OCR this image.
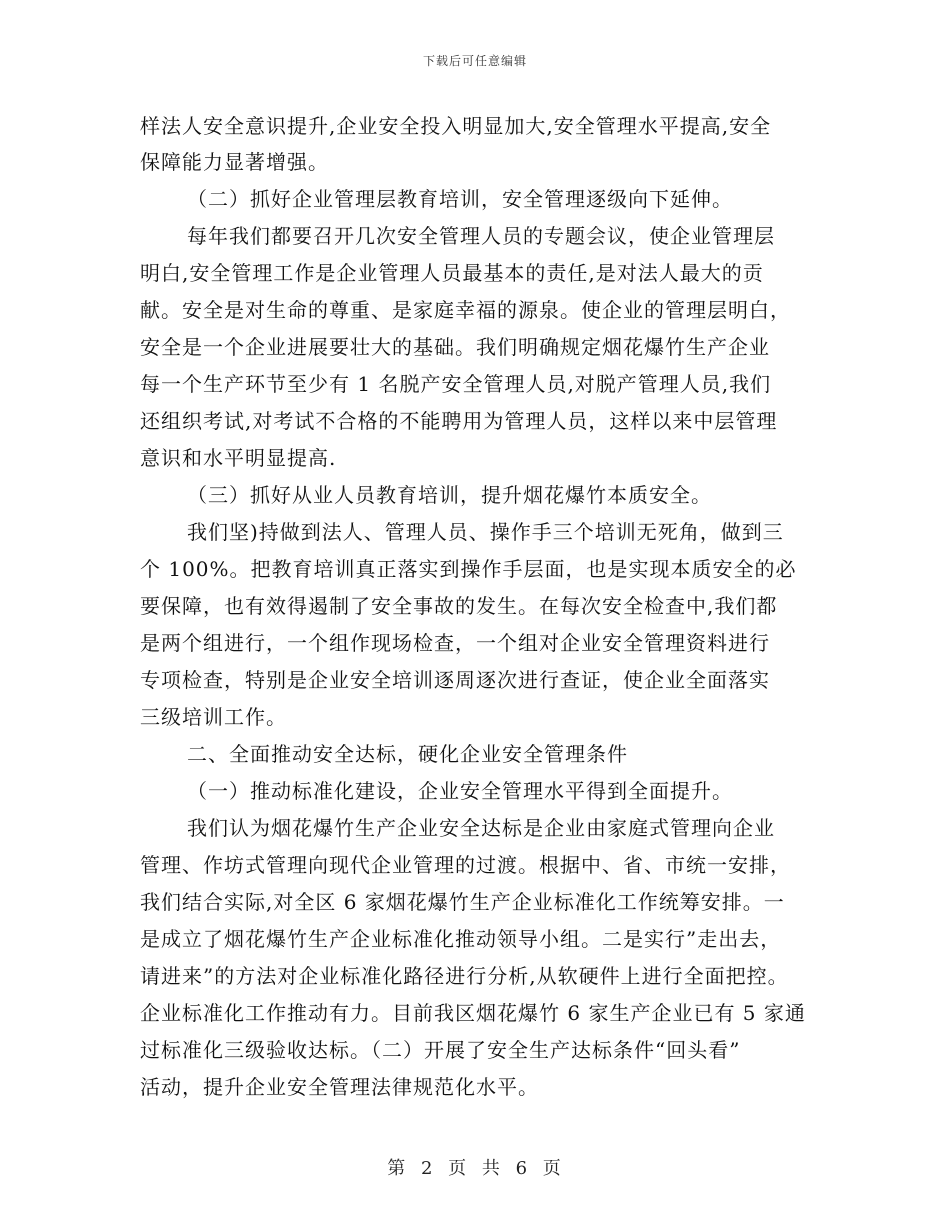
下载后可任意编辑
样法人安全意识提升,企业安全投入明显加大,安全管理水平提高,安全
保障能力显著增强。
（二）抓好企业管理层教育培训，安全管理逐级向下延伸。
每年我们都要召开几次安全管理人员的专题会议，使企业管理层
明白,安全管理工作是企业管理人员最基本的责任,是对法人最大的贡
献。安全是对生命的尊重、是家庭幸福的源泉。使企业的管理层明白，
安全是一个企业进展要壮大的基础。我们明确规定烟花爆竹生产企业
每一个生产环节至少有 1 名脱产安全管理人员,对脱产管理人员,我们
还组织考试,对考试不合格的不能聘用为管理人员，这样以来中层管理
意识和水平明显提高.
（三）抓好从业人员教育培训，提升烟花爆竹本质安全。
我们坚)持做到法人、管理人员、操作手三个培训无死角，做到三
个 100%。把教育培训真正落实到操作手层面，也是实现本质安全的必
要保障，也有效得遏制了安全事故的发生。在每次安全检查中,我们都
是两个组进行，一个组作现场检查，一个组对企业安全管理资料进行
专项检查，特别是企业安全培训逐周逐次进行查证，使企业全面落实
三级培训工作。
二、全面推动安全达标，硬化企业安全管理条件
（一）推动标准化建设，企业安全管理水平得到全面提升。
我们认为烟花爆竹生产企业安全达标是企业由家庭式管理向企业
管理、作坊式管理向现代企业管理的过渡。根据中、省、市统一安排，
我们结合实际,对全区 6 家烟花爆竹生产企业标准化工作统筹安排。一
是成立了烟花爆竹生产企业标准化推动领导小组。二是实行”走出去，
请进来”的方法对企业标准化路径进行分析,从软硬件上进行全面把控。
企业标准化工作推动有力。目前我区烟花爆竹 6 家生产企业已有 5 家通
过标准化三级验收达标。（二）开展了安全生产达标条件“回头看”
活动，提升企业安全管理法律规范化水平。
第 2 页 共 6 页
